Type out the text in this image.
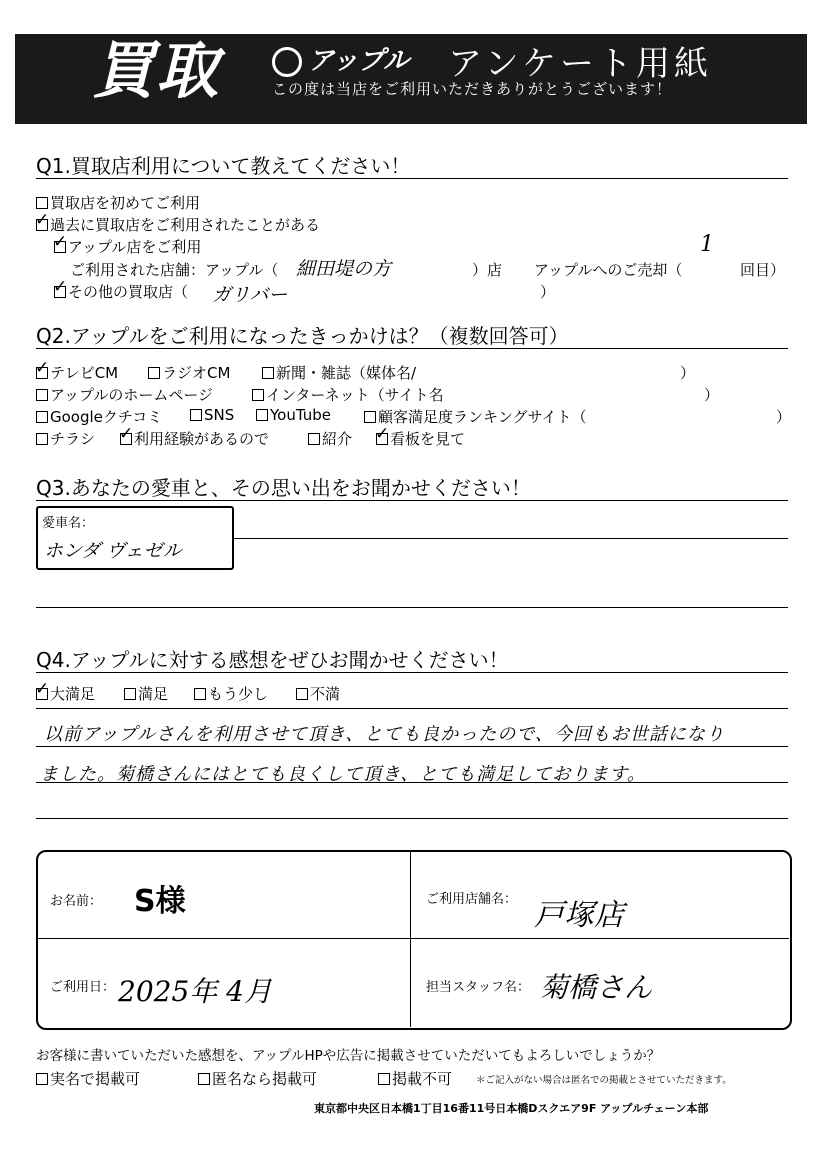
買取	アップル アンケート用紙
この度は当店をご利用いただきありがとうございます！
Q1.買取店利用について教えてください！
買取店を初めてご利用
✓過去に買取店をご利用されたことがある
✓アップル店をご利用
ご利用された店舗：アップル（ 細田堤の方	）店 アップルへのご売却（
1
回目）
✓その他の買取店（ ガリバー	）
Q2.アップルをご利用になったきっかけは？（複数回答可）
✓テレビCM	ラジオCM	新聞・雑誌（媒体名/	）
アップルのホームページ	インターネット（サイト名	）
Googleクチコミ	SNS	YouTube	顧客満足度ランキングサイト（	）
チラシ ✓	利用経験があるので	紹介 ✓	看板を見て
Q3.あなたの愛車と、その思い出をお聞かせください！
愛車名：
ホンダ ヴェゼル
Q4.アップルに対する感想をぜひお聞かせください！
✓大満足	満足	もう少し	不満
以前アップルさんを利用させて頂き、とても良かったので、今回もお世話になり
ました。菊橋さんにはとても良くして頂き、とても満足しております。
お名前： S様	ご利用店舗名： 戸塚店
ご利用日： 2025年 4月	担当スタッフ名： 菊橋さん
お客様に書いていただいた感想を、アップルHPや広告に掲載させていただいてもよろしいでしょうか？
実名で掲載可	匿名なら掲載可	掲載不可	＊ご記入がない場合は匿名での掲載とさせていただきます。
東京都中央区日本橋1丁目16番11号日本橋Dスクエア9F アップルチェーン本部
